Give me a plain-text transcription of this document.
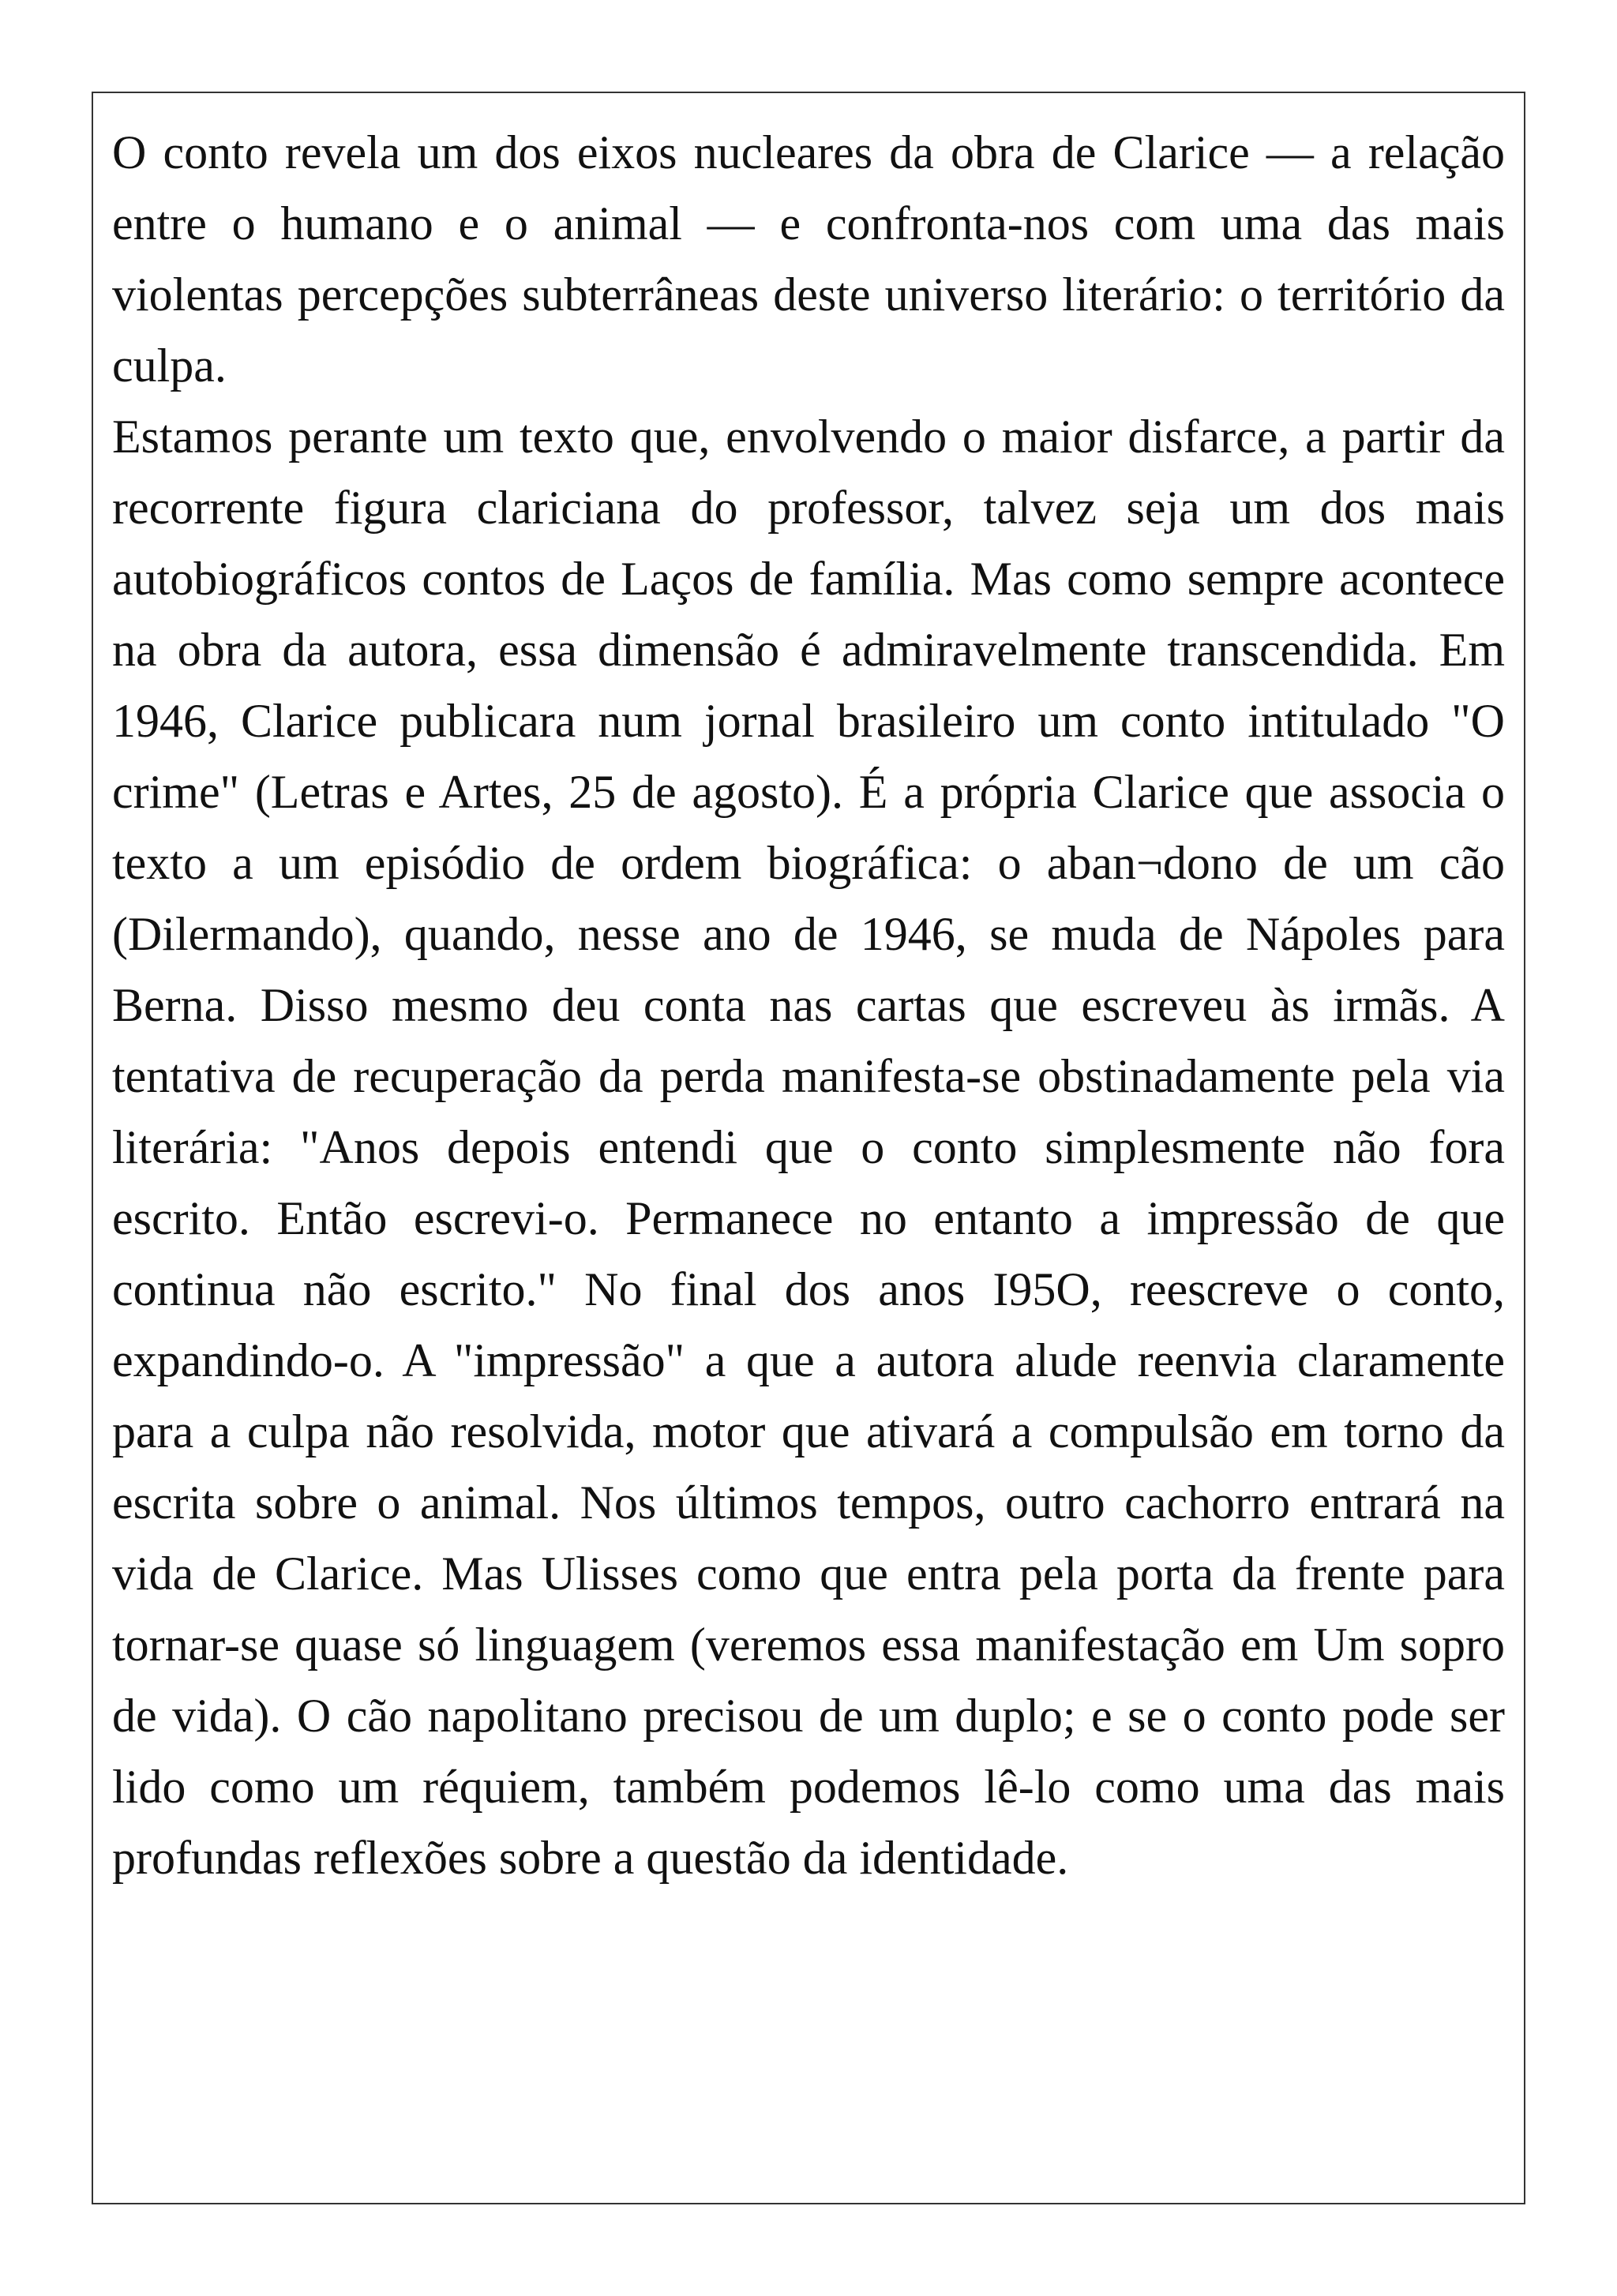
O conto revela um dos eixos nucleares da obra de Clarice — a relação entre o humano e o animal — e confronta-nos com uma das mais violentas percepções subterrâneas deste universo literário: o território da culpa.

Estamos perante um texto que, envolvendo o maior disfarce, a partir da recorrente figura clariciana do professor, talvez seja um dos mais autobiográficos contos de Laços de família. Mas como sempre acontece na obra da autora, essa dimensão é admiravelmente transcendida. Em 1946, Clarice publicara num jornal brasileiro um conto intitulado "O crime" (Letras e Artes, 25 de agosto). É a própria Clarice que associa o texto a um episódio de ordem biográfica: o aban¬dono de um cão (Dilermando), quando, nesse ano de 1946, se muda de Nápoles para Berna. Disso mesmo deu conta nas cartas que escreveu às irmãs. A tentativa de recuperação da perda manifesta-se obstinadamente pela via literária: "Anos depois entendi que o conto simplesmente não fora escrito. Então escrevi-o. Permanece no entanto a impressão de que continua não escrito." No final dos anos I95O, reescreve o conto, expandindo-o. A "impressão" a que a autora alude reenvia claramente para a culpa não resolvida, motor que ativará a compulsão em torno da escrita sobre o animal. Nos últimos tempos, outro cachorro entrará na vida de Clarice. Mas Ulisses como que entra pela porta da frente para tornar-se quase só linguagem (veremos essa manifestação em Um sopro de vida). O cão napolitano precisou de um duplo; e se o conto pode ser lido como um réquiem, também podemos lê-lo como uma das mais profundas reflexões sobre a questão da identidade.
